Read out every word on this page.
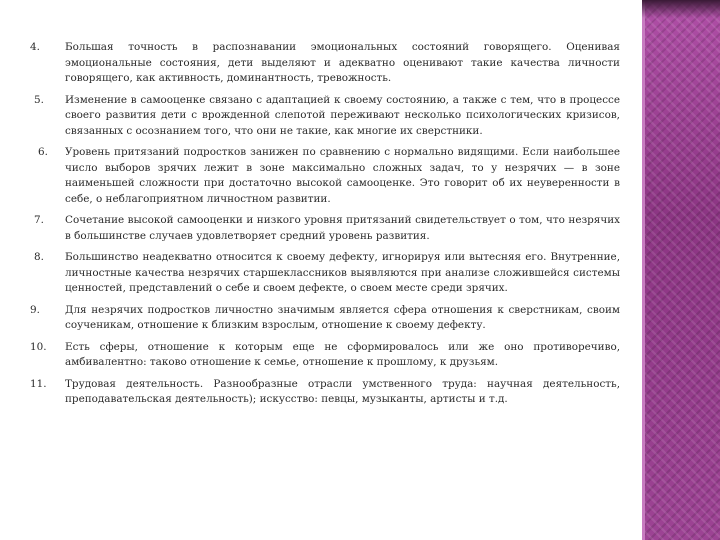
4. Большая точность в распознавании эмоциональных состояний говорящего. Оценивая эмоциональные состояния, дети выделяют и адекватно оценивают такие качества личности говорящего, как активность, доминантность, тревожность.
5. Изменение в самооценке связано с адаптацией к своему состоянию, а также с тем, что в процессе своего развития дети с врожденной слепотой переживают несколько психологических кризисов, связанных с осознанием того, что они не такие, как многие их сверстники.
6. Уровень притязаний подростков занижен по сравнению с нормально видящими. Если наибольшее число выборов зрячих лежит в зоне максимально сложных задач, то у незрячих — в зоне наименьшей сложности при достаточно высокой самооценке. Это говорит об их неуверенности в себе, о неблагоприятном личностном развитии.
7. Сочетание высокой самооценки и низкого уровня притязаний свидетельствует о том, что незрячих в большинстве случаев удовлетворяет средний уровень развития.
8. Большинство неадекватно относится к своему дефекту, игнорируя или вытесняя его. Внутренние, личностные качества незрячих старшеклассников выявляются при анализе сложившейся системы ценностей, представлений о себе и своем дефекте, о своем месте среди зрячих.
9. Для незрячих подростков личностно значимым является сфера отношения к сверстникам, своим соученикам, отношение к близким взрослым, отношение к своему дефекту.
10. Есть сферы, отношение к которым еще не сформировалось или же оно противоречиво, амбивалентно: таково отношение к семье, отношение к прошлому, к друзьям.
11. Трудовая деятельность. Разнообразные отрасли умственного труда: научная деятельность, преподавательская деятельность); искусство: певцы, музыканты, артисты и т.д.
